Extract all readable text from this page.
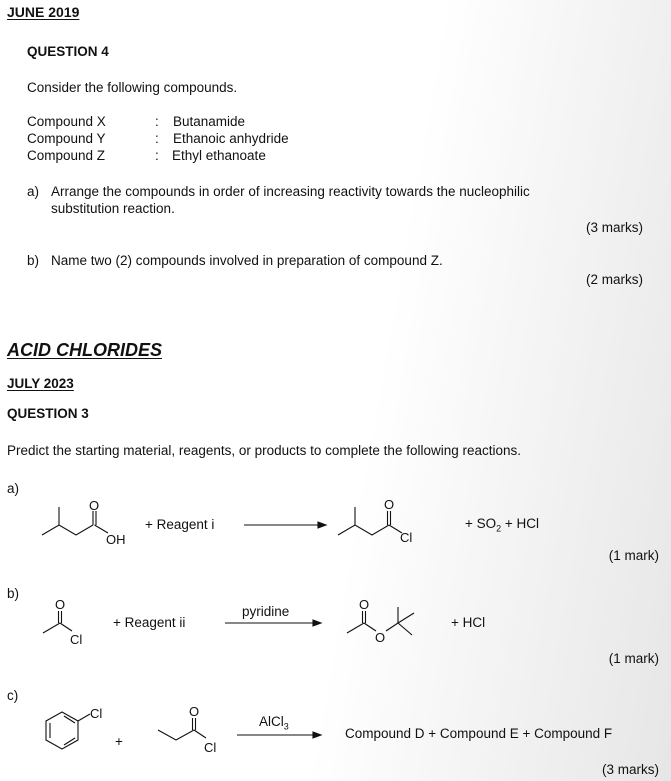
JUNE 2019
QUESTION 4
Consider the following compounds.
Compound X	: Butanamide
Compound Y	: Ethanoic anhydride
Compound Z	: Ethyl ethanoate
a) Arrange the compounds in order of increasing reactivity towards the nucleophilic
substitution reaction.
(3 marks)
b) Name two (2) compounds involved in preparation of compound Z.
(2 marks)
ACID CHLORIDES
JULY 2023
QUESTION 3
Predict the starting material, reagents, or products to complete the following reactions.
a)
O
OH
+ Reagent i
O
Cl
+ $SO_2$ + HCl
(1 mark)
b)
O
Cl
+ Reagent ii
pyridine	O
O
+ HCl
(1 mark)
c)
Cl
+
O
Cl
AlCl$_3$	Compound D + Compound E + Compound F
(3 marks)
